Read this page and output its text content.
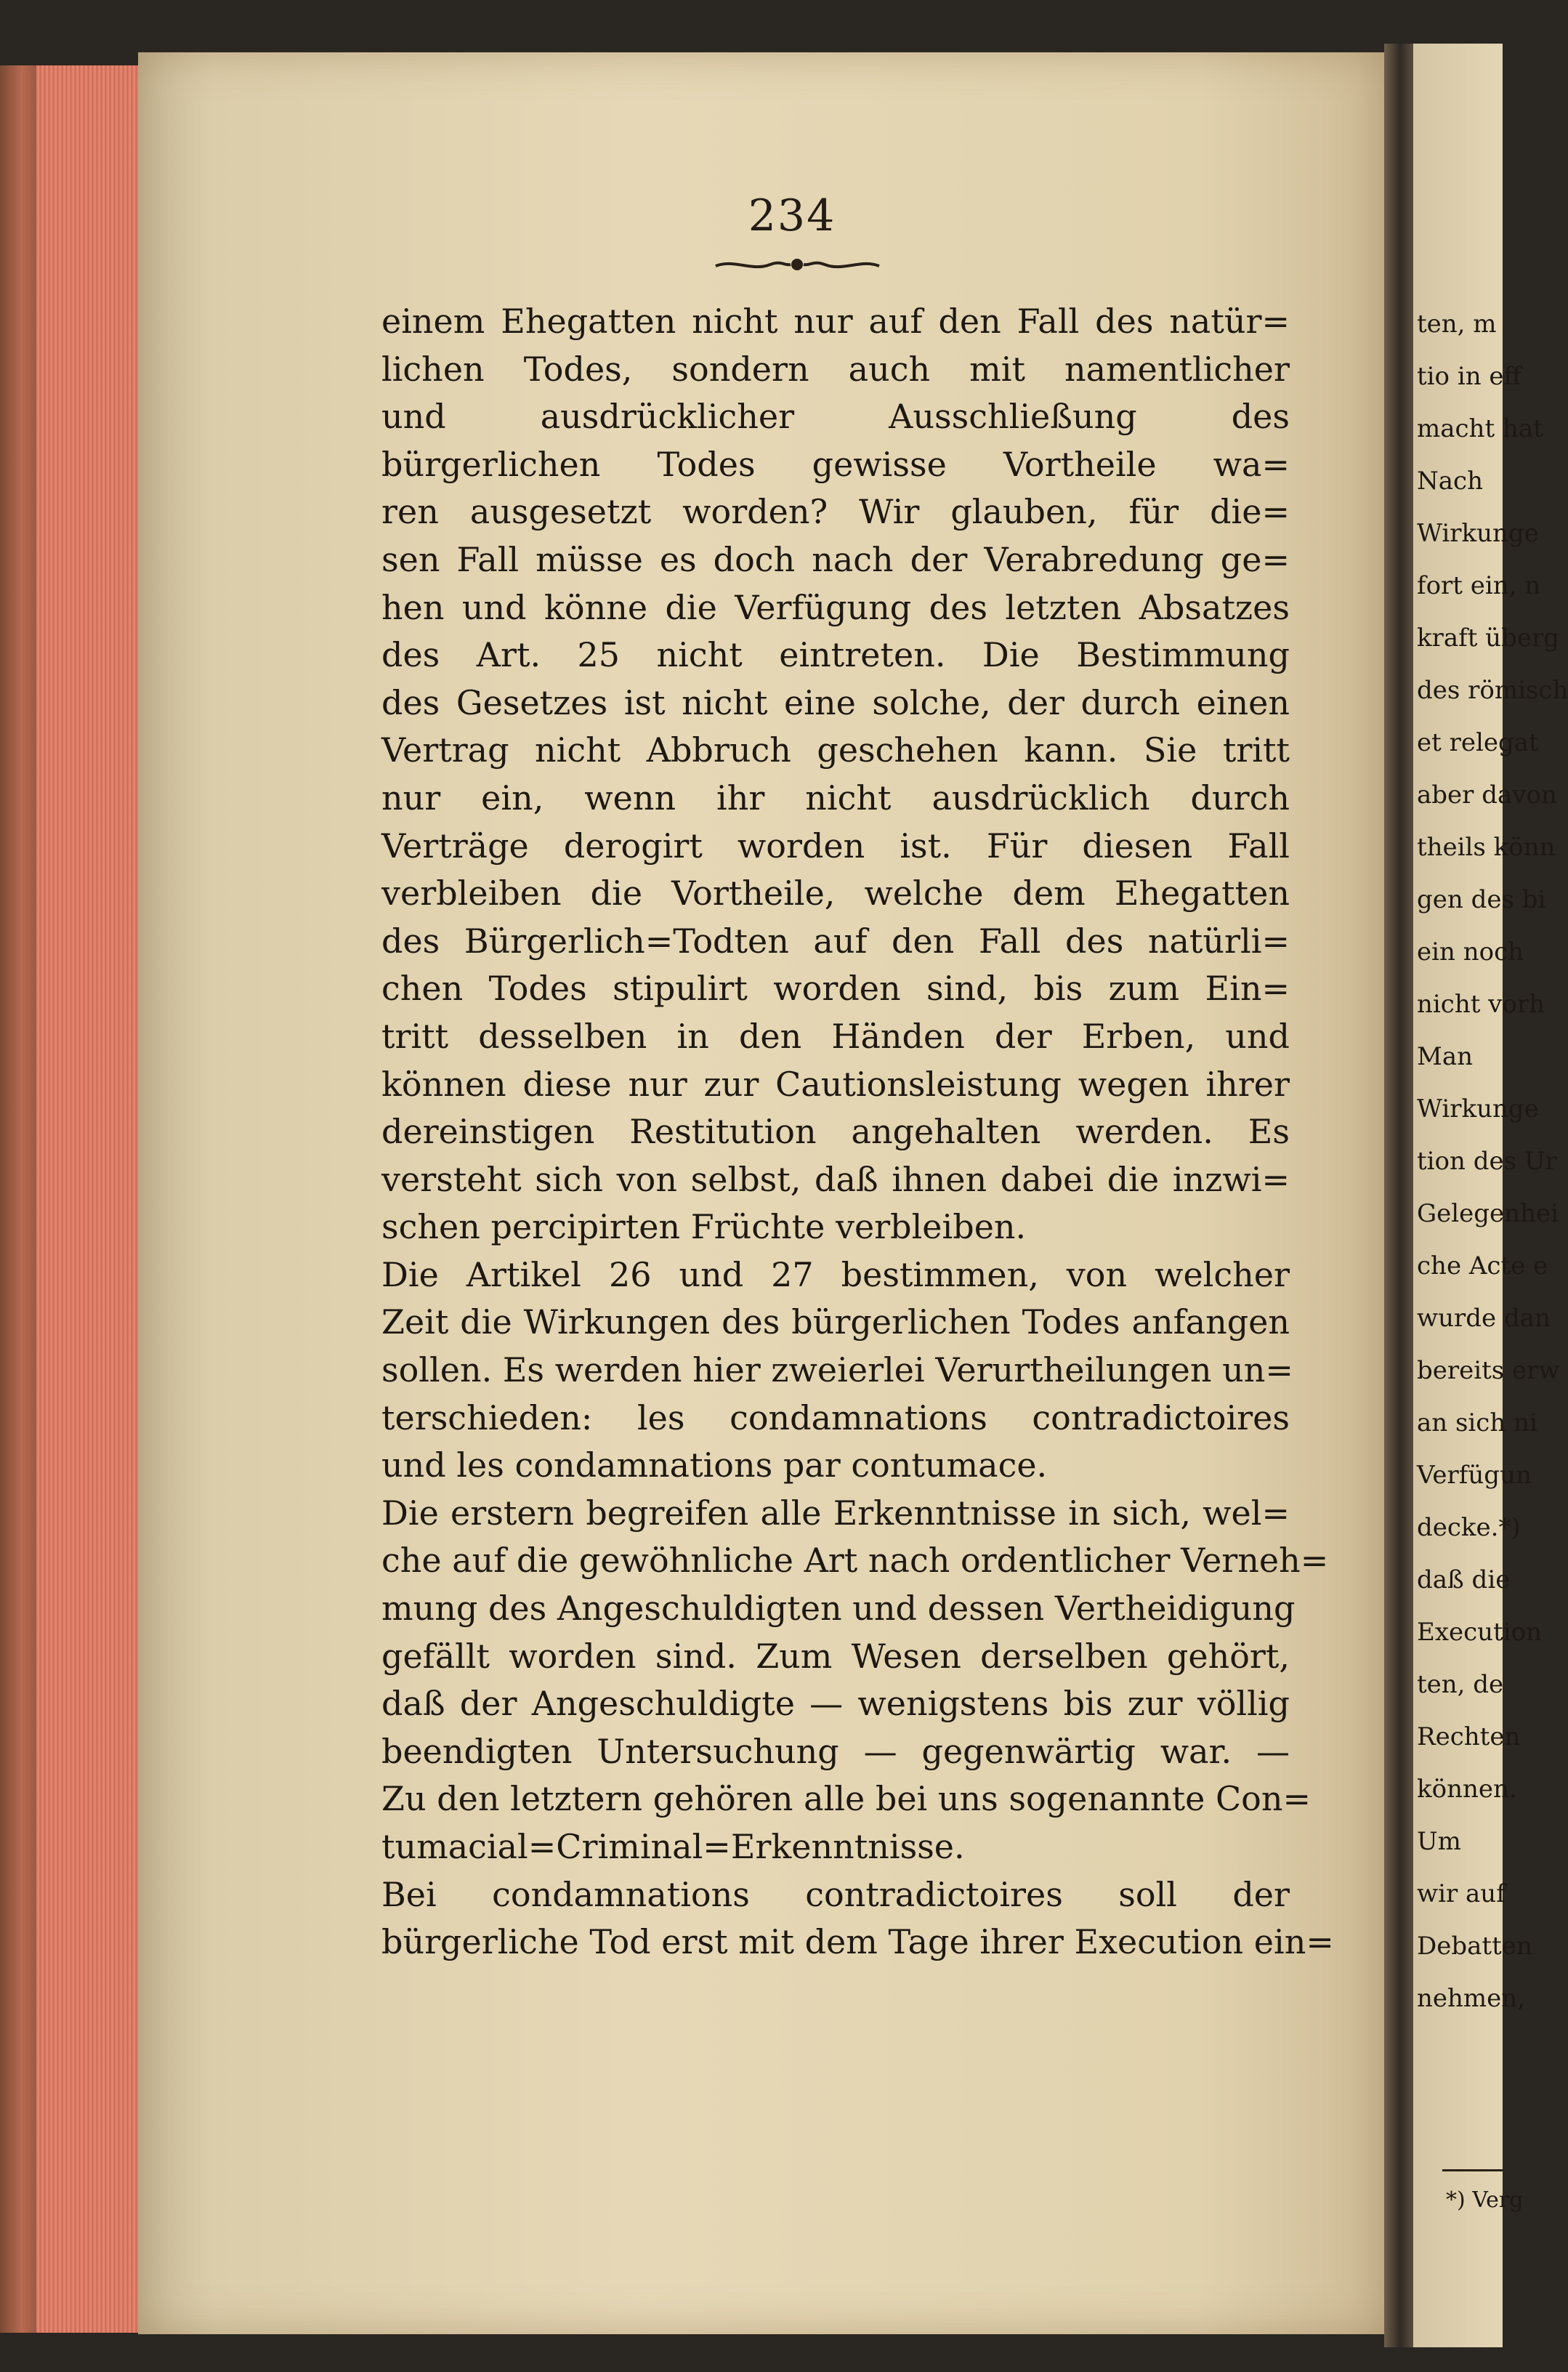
234
einem Ehegatten nicht nur auf den Fall des natür=
lichen Todes, sondern auch mit namentlicher
und ausdrücklicher Ausschließung des
bürgerlichen Todes gewisse Vortheile wa=
ren ausgesetzt worden? Wir glauben, für die=
sen Fall müsse es doch nach der Verabredung ge=
hen und könne die Verfügung des letzten Absatzes
des Art. 25 nicht eintreten. Die Bestimmung
des Gesetzes ist nicht eine solche, der durch einen
Vertrag nicht Abbruch geschehen kann. Sie tritt
nur ein, wenn ihr nicht ausdrücklich durch
Verträge derogirt worden ist. Für diesen Fall
verbleiben die Vortheile, welche dem Ehegatten
des Bürgerlich=Todten auf den Fall des natürli=
chen Todes stipulirt worden sind, bis zum Ein=
tritt desselben in den Händen der Erben, und
können diese nur zur Cautionsleistung wegen ihrer
dereinstigen Restitution angehalten werden. Es
versteht sich von selbst, daß ihnen dabei die inzwi=
schen percipirten Früchte verbleiben.
Die Artikel 26 und 27 bestimmen, von welcher
Zeit die Wirkungen des bürgerlichen Todes anfangen
sollen. Es werden hier zweierlei Verurtheilungen un=
terschieden: les condamnations contradictoires
und les condamnations par contumace.
Die erstern begreifen alle Erkenntnisse in sich, wel=
che auf die gewöhnliche Art nach ordentlicher Verneh=
mung des Angeschuldigten und dessen Vertheidigung
gefällt worden sind. Zum Wesen derselben gehört,
daß der Angeschuldigte — wenigstens bis zur völlig
beendigten Untersuchung — gegenwärtig war. —
Zu den letztern gehören alle bei uns sogenannte Con=
tumacial=Criminal=Erkenntnisse.
Bei condamnations contradictoires soll der
bürgerliche Tod erst mit dem Tage ihrer Execution ein=
ten, m
tio in eff
macht hat
Nach
Wirkunge
fort ein, n
kraft überg
des römisch
et relegat
aber davon
theils könn
gen des bi
ein noch
nicht vorh
Man
Wirkunge
tion des Ur
Gelegenhei
che Acte e
wurde dan
bereits erw
an sich ni
Verfügun
decke.*)
daß die
Execution
ten, de
Rechten
können.
Um
wir auf
Debatten
nehmen,
*) Verg
